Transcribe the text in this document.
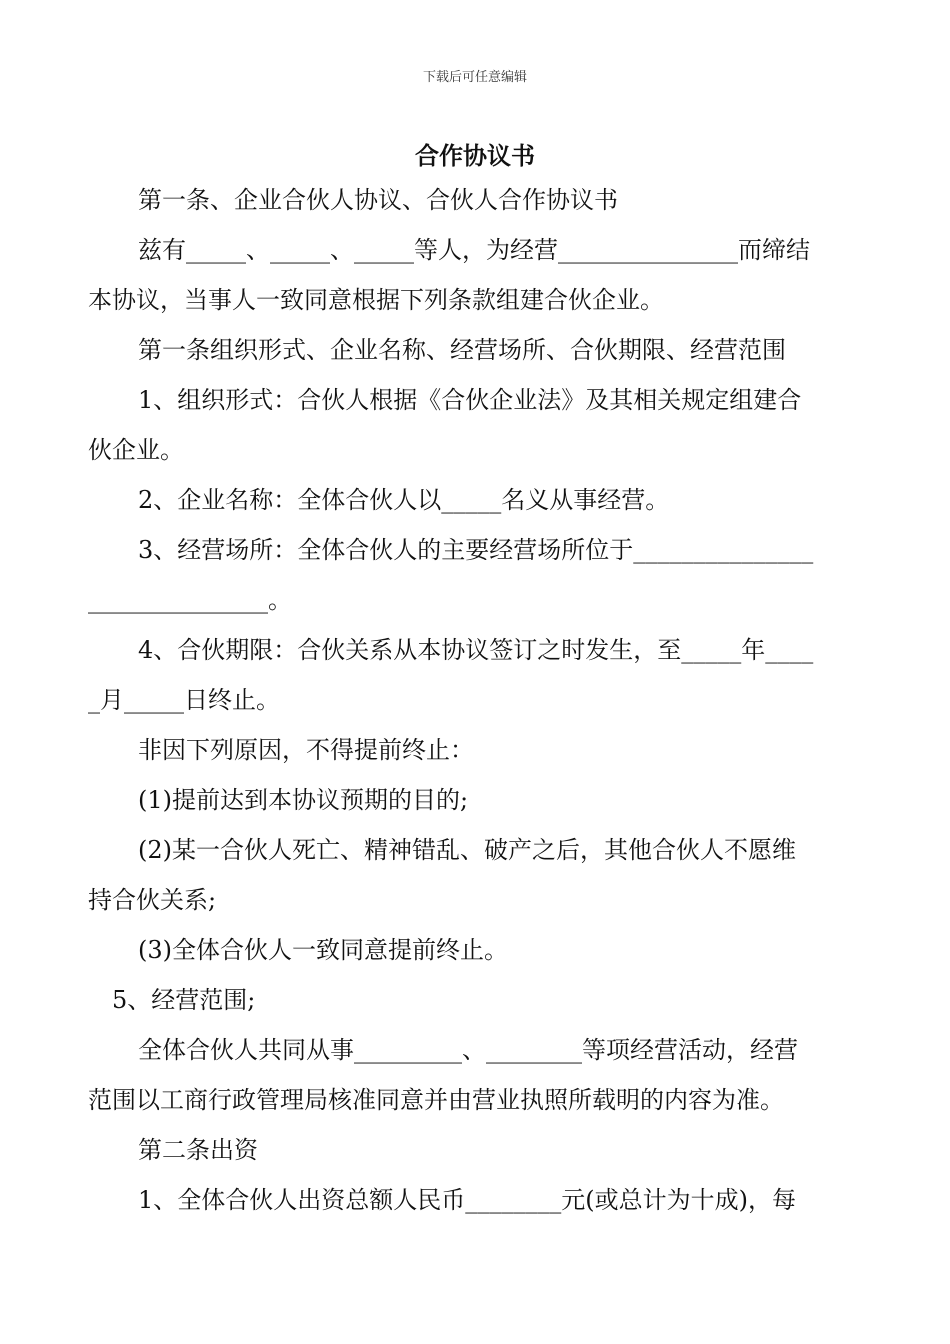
下载后可任意编辑
合作协议书
第一条、企业合伙人协议、合伙人合作协议书
兹有_____、_____、_____等人，为经营_______________而缔结
本协议，当事人一致同意根据下列条款组建合伙企业。
第一条组织形式、企业名称、经营场所、合伙期限、经营范围
1、组织形式：合伙人根据《合伙企业法》及其相关规定组建合
伙企业。
2、企业名称：全体合伙人以_____名义从事经营。
3、经营场所：全体合伙人的主要经营场所位于_______________
_______________。
4、合伙期限：合伙关系从本协议签订之时发生，至_____年____
_月_____日终止。
非因下列原因，不得提前终止：
(1)提前达到本协议预期的目的;
(2)某一合伙人死亡、精神错乱、破产之后，其他合伙人不愿维
持合伙关系;
(3)全体合伙人一致同意提前终止。
5、经营范围;
全体合伙人共同从事_________、________等项经营活动，经营
范围以工商行政管理局核准同意并由营业执照所载明的内容为准。
第二条出资
1、全体合伙人出资总额人民币________元(或总计为十成)，每
